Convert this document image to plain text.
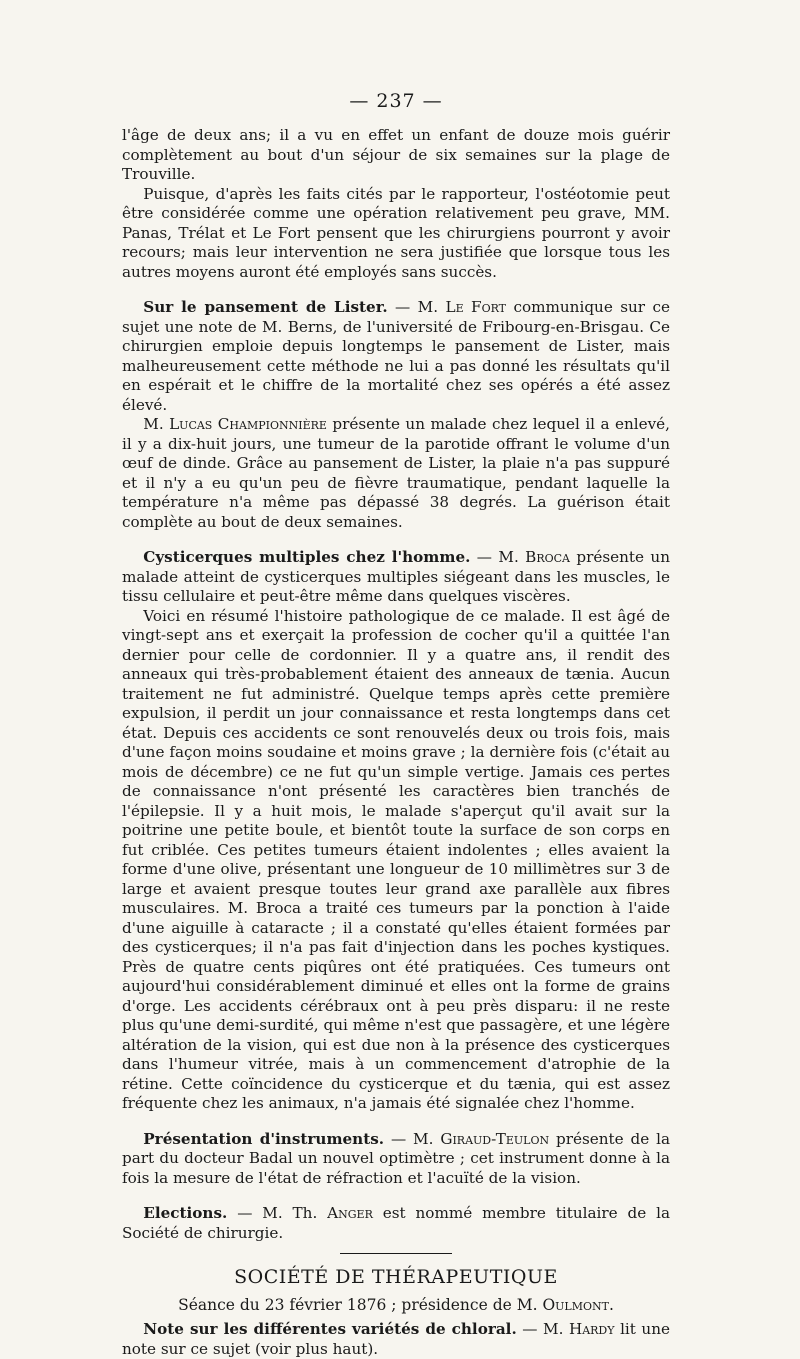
— 237 —

l'âge de deux ans; il a vu en effet un enfant de douze mois guérir complètement au bout d'un séjour de six semaines sur la plage de Trouville.

Puisque, d'après les faits cités par le rapporteur, l'ostéotomie peut être considérée comme une opération relativement peu grave, MM. Panas, Trélat et Le Fort pensent que les chirurgiens pourront y avoir recours; mais leur intervention ne sera justifiée que lorsque tous les autres moyens auront été employés sans succès.

Sur le pansement de Lister. — M. Le Fort communique sur ce sujet une note de M. Berns, de l'université de Fribourg-en-Brisgau. Ce chirurgien emploie depuis longtemps le pansement de Lister, mais malheureusement cette méthode ne lui a pas donné les résultats qu'il en espérait et le chiffre de la mortalité chez ses opérés a été assez élevé.

M. Lucas Championnière présente un malade chez lequel il a enlevé, il y a dix-huit jours, une tumeur de la parotide offrant le volume d'un œuf de dinde. Grâce au pansement de Lister, la plaie n'a pas suppuré et il n'y a eu qu'un peu de fièvre traumatique, pendant laquelle la température n'a même pas dépassé 38 degrés. La guérison était complète au bout de deux semaines.

Cysticerques multiples chez l'homme. — M. Broca présente un malade atteint de cysticerques multiples siégeant dans les muscles, le tissu cellulaire et peut-être même dans quelques viscères.

Voici en résumé l'histoire pathologique de ce malade. Il est âgé de vingt-sept ans et exerçait la profession de cocher qu'il a quittée l'an dernier pour celle de cordonnier. Il y a quatre ans, il rendit des anneaux qui très-probablement étaient des anneaux de tænia. Aucun traitement ne fut administré. Quelque temps après cette première expulsion, il perdit un jour connaissance et resta longtemps dans cet état. Depuis ces accidents ce sont renouvelés deux ou trois fois, mais d'une façon moins soudaine et moins grave ; la dernière fois (c'était au mois de décembre) ce ne fut qu'un simple vertige. Jamais ces pertes de connaissance n'ont présenté les caractères bien tranchés de l'épilepsie. Il y a huit mois, le malade s'aperçut qu'il avait sur la poitrine une petite boule, et bientôt toute la surface de son corps en fut criblée. Ces petites tumeurs étaient indolentes ; elles avaient la forme d'une olive, présentant une longueur de 10 millimètres sur 3 de large et avaient presque toutes leur grand axe parallèle aux fibres musculaires. M. Broca a traité ces tumeurs par la ponction à l'aide d'une aiguille à cataracte ; il a constaté qu'elles étaient formées par des cysticerques; il n'a pas fait d'injection dans les poches kystiques. Près de quatre cents piqûres ont été pratiquées. Ces tumeurs ont aujourd'hui considérablement diminué et elles ont la forme de grains d'orge. Les accidents cérébraux ont à peu près disparu: il ne reste plus qu'une demi-surdité, qui même n'est que passagère, et une légère altération de la vision, qui est due non à la présence des cysticerques dans l'humeur vitrée, mais à un commencement d'atrophie de la rétine. Cette coïncidence du cysticerque et du tænia, qui est assez fréquente chez les animaux, n'a jamais été signalée chez l'homme.

Présentation d'instruments. — M. Giraud-Teulon présente de la part du docteur Badal un nouvel optimètre ; cet instrument donne à la fois la mesure de l'état de réfraction et l'acuïté de la vision.

Elections. — M. Th. Anger est nommé membre titulaire de la Société de chirurgie.

SOCIÉTÉ DE THÉRAPEUTIQUE
Séance du 23 février 1876 ; présidence de M. Oulmont.

Note sur les différentes variétés de chloral. — M. Hardy lit une note sur ce sujet (voir plus haut).
